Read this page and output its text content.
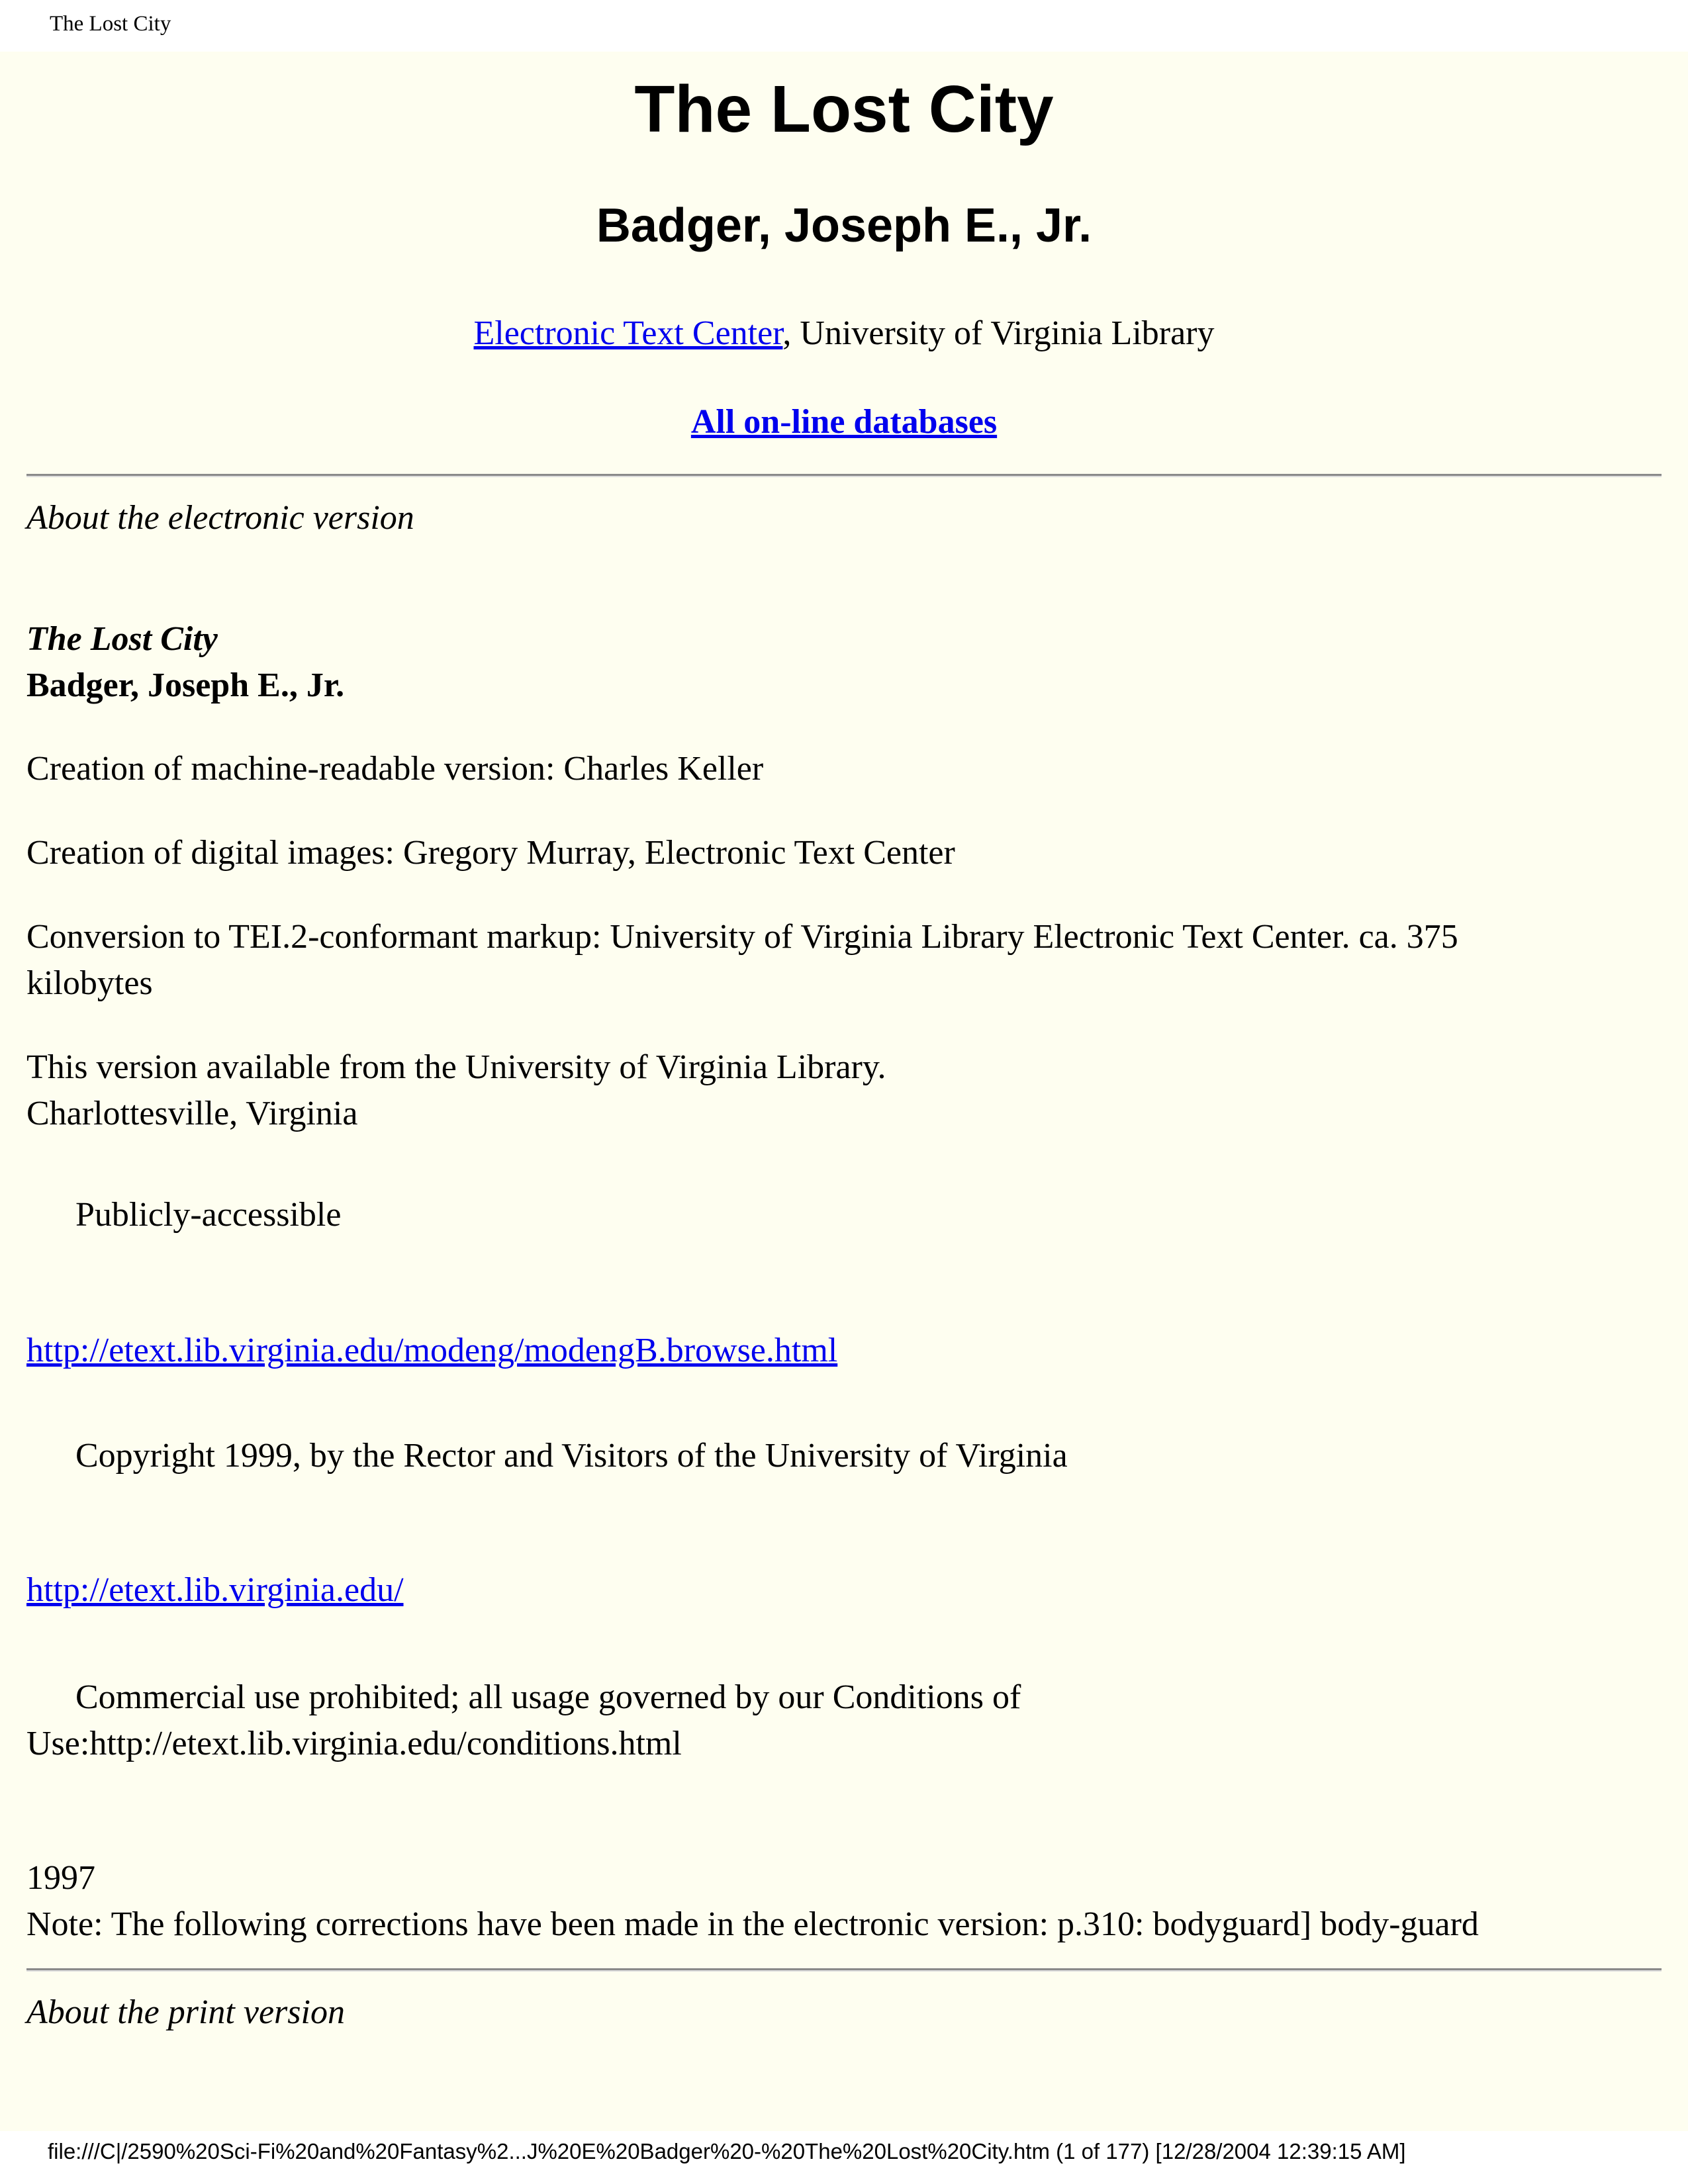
The Lost City
The Lost City
Badger, Joseph E., Jr.
Electronic Text Center, University of Virginia Library
All on-line databases
About the electronic version
The Lost City
Badger, Joseph E., Jr.
Creation of machine-readable version: Charles Keller
Creation of digital images: Gregory Murray, Electronic Text Center
Conversion to TEI.2-conformant markup: University of Virginia Library Electronic Text Center. ca. 375
kilobytes
This version available from the University of Virginia Library.
Charlottesville, Virginia
Publicly-accessible
http://etext.lib.virginia.edu/modeng/modengB.browse.html
Copyright 1999, by the Rector and Visitors of the University of Virginia
http://etext.lib.virginia.edu/
Commercial use prohibited; all usage governed by our Conditions of
Use:http://etext.lib.virginia.edu/conditions.html
1997
Note: The following corrections have been made in the electronic version: p.310: bodyguard] body-guard
About the print version
file:///C|/2590%20Sci-Fi%20and%20Fantasy%2...J%20E%20Badger%20-%20The%20Lost%20City.htm (1 of 177) [12/28/2004 12:39:15 AM]
